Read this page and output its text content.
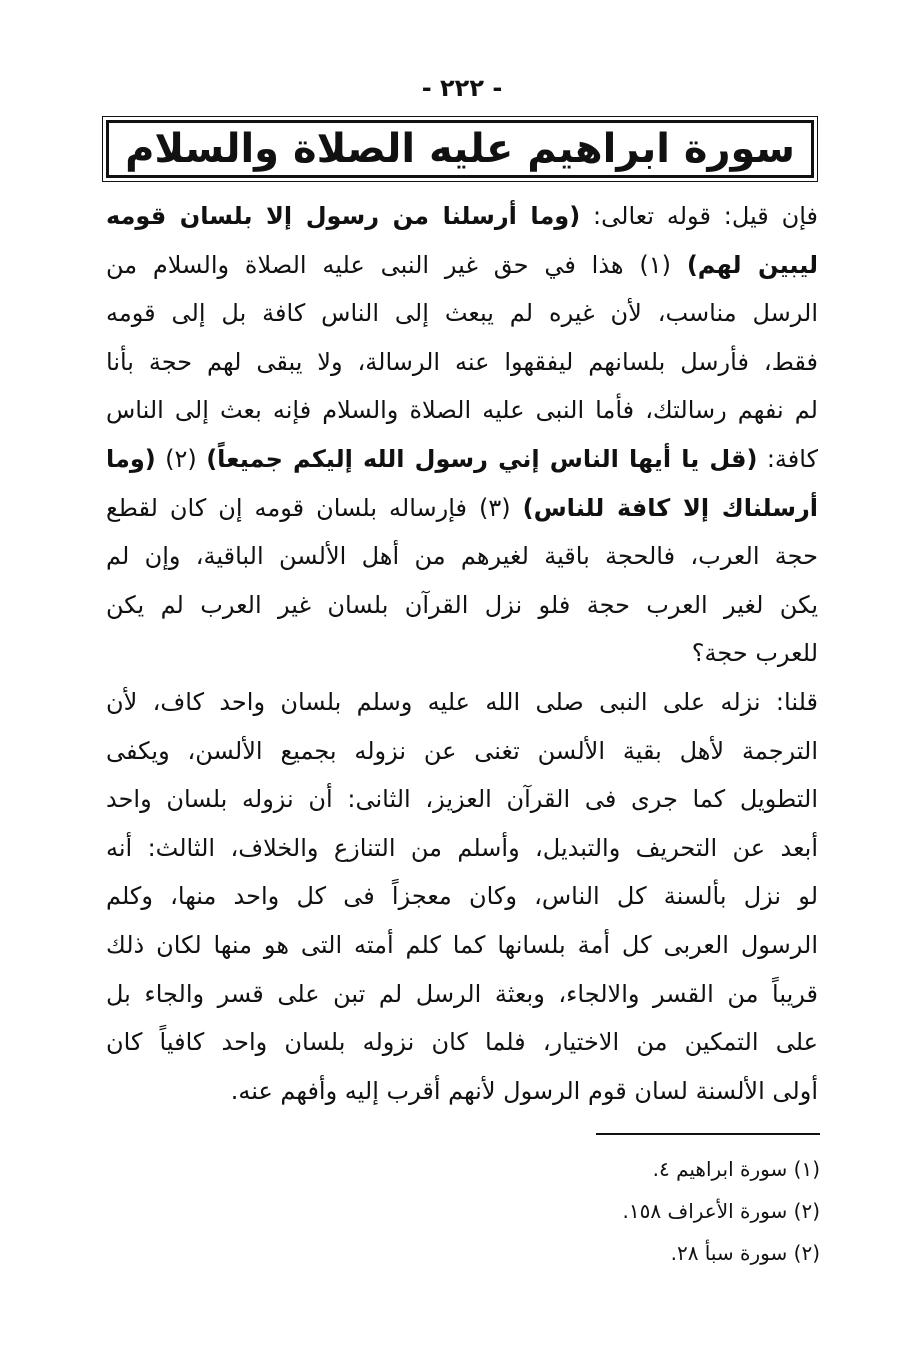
- ٢٢٢ -
سورة ابراهيم عليه الصلاة والسلام
فإن قيل: قوله تعالى: (وما أرسلنا من رسول إلا بلسان قومه
ليبين لهم) (١) هذا في حق غير النبى عليه الصلاة والسلام من
الرسل مناسب، لأن غيره لم يبعث إلى الناس كافة بل إلى قومه
فقط، فأرسل بلسانهم ليفقهوا عنه الرسالة، ولا يبقى لهم حجة بأنا
لم نفهم رسالتك، فأما النبى عليه الصلاة والسلام فإنه بعث إلى الناس
كافة: (قل يا أيها الناس إني رسول الله إليكم جميعاً) (٢) (وما
أرسلناك إلا كافة للناس) (٣) فإرساله بلسان قومه إن كان لقطع
حجة العرب، فالحجة باقية لغيرهم من أهل الألسن الباقية، وإن لم
يكن لغير العرب حجة فلو نزل القرآن بلسان غير العرب لم يكن
للعرب حجة؟
قلنا: نزله على النبى صلى الله عليه وسلم بلسان واحد كاف، لأن
الترجمة لأهل بقية الألسن تغنى عن نزوله بجميع الألسن، ويكفى
التطويل كما جرى فى القرآن العزيز، الثانى: أن نزوله بلسان واحد
أبعد عن التحريف والتبديل، وأسلم من التنازع والخلاف، الثالث: أنه
لو نزل بألسنة كل الناس، وكان معجزاً فى كل واحد منها، وكلم
الرسول العربى كل أمة بلسانها كما كلم أمته التى هو منها لكان ذلك
قريباً من القسر والالجاء، وبعثة الرسل لم تبن على قسر والجاء بل
على التمكين من الاختيار، فلما كان نزوله بلسان واحد كافياً كان
أولى الألسنة لسان قوم الرسول لأنهم أقرب إليه وأفهم عنه.
(١) سورة ابراهيم ٤.
(٢) سورة الأعراف ١٥٨.
(٢) سورة سبأ ٢٨.
